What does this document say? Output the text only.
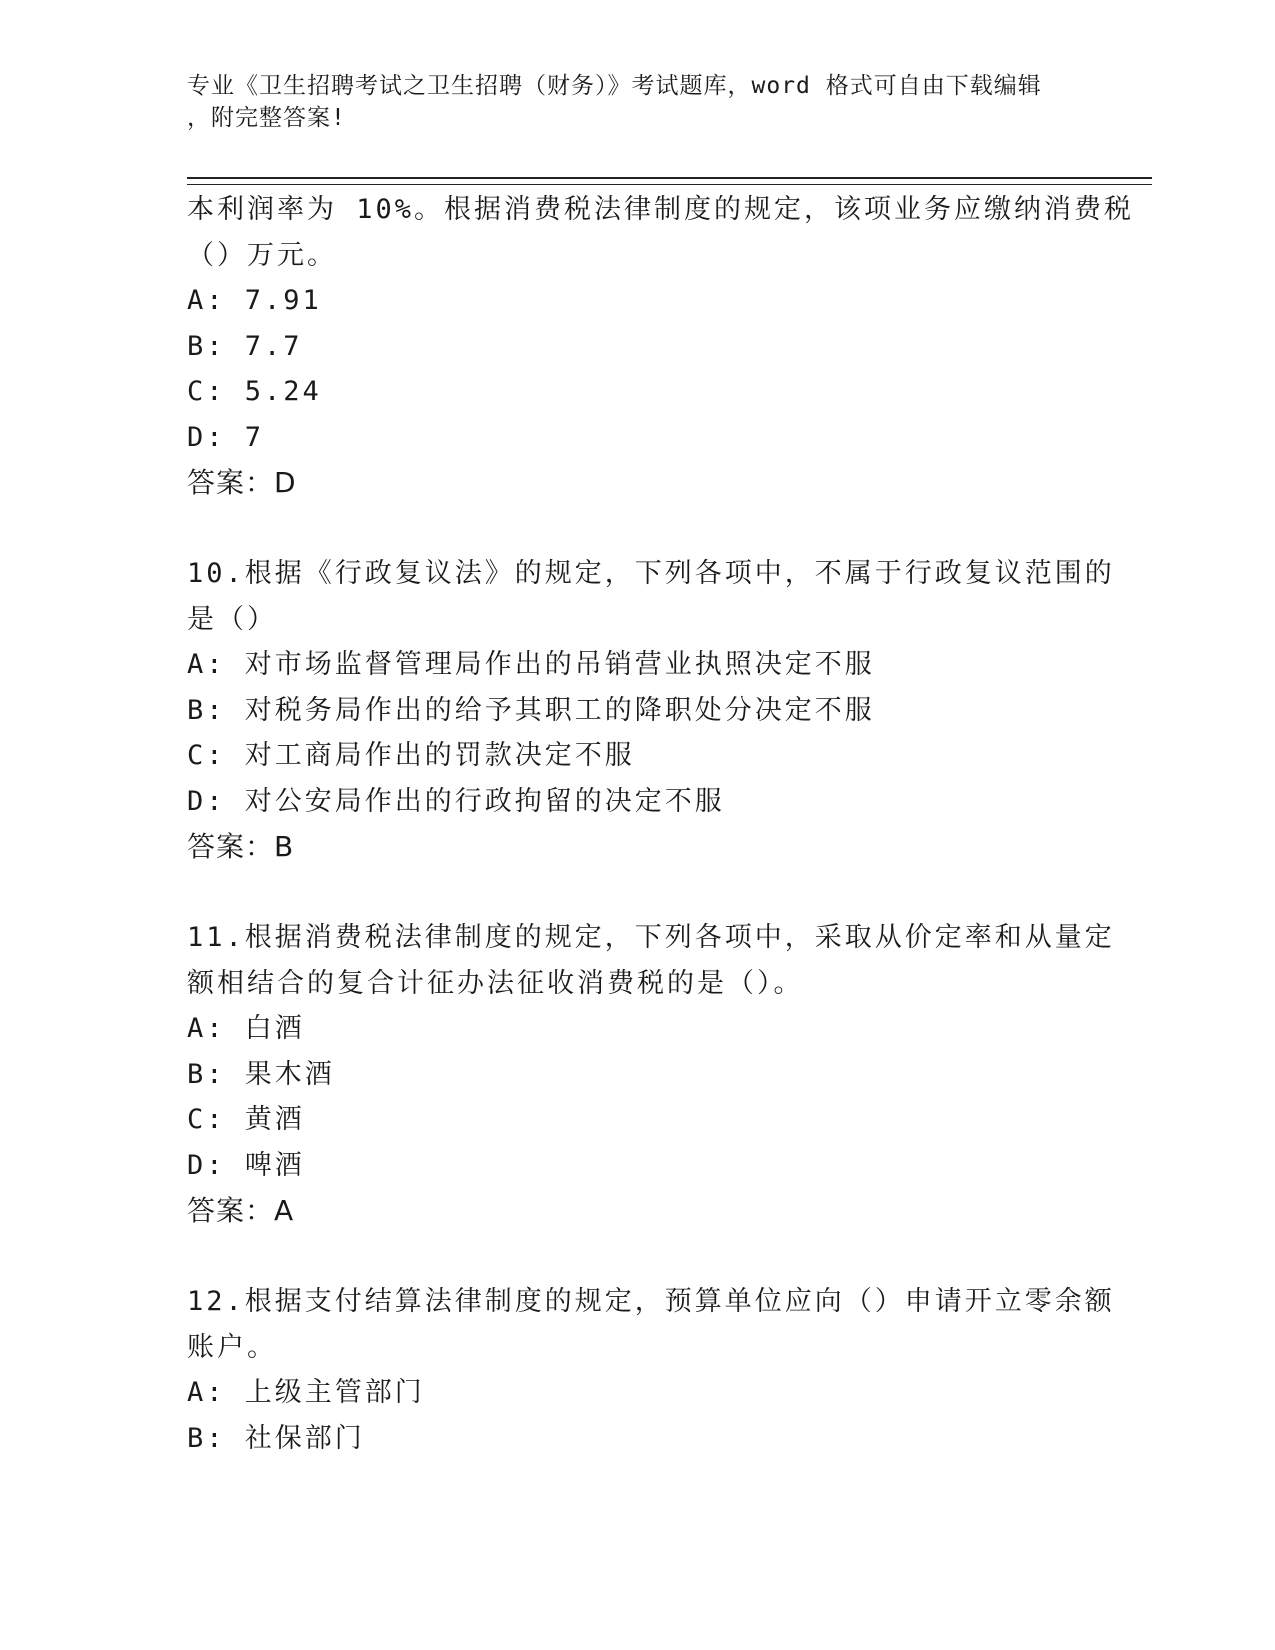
专业《卫生招聘考试之卫生招聘（财务）》考试题库，word 格式可自由下载编辑
，附完整答案!
本利润率为 10%。根据消费税法律制度的规定，该项业务应缴纳消费税
（）万元。
A: 7.91
B: 7.7
C: 5.24
D: 7
答案：D
10.根据《行政复议法》的规定，下列各项中，不属于行政复议范围的
是（）
A: 对市场监督管理局作出的吊销营业执照决定不服
B: 对税务局作出的给予其职工的降职处分决定不服
C: 对工商局作出的罚款决定不服
D: 对公安局作出的行政拘留的决定不服
答案：B
11.根据消费税法律制度的规定，下列各项中，采取从价定率和从量定
额相结合的复合计征办法征收消费税的是（）。
A: 白酒
B: 果木酒
C: 黄酒
D: 啤酒
答案：A
12.根据支付结算法律制度的规定，预算单位应向（）申请开立零余额
账户。
A: 上级主管部门
B: 社保部门
